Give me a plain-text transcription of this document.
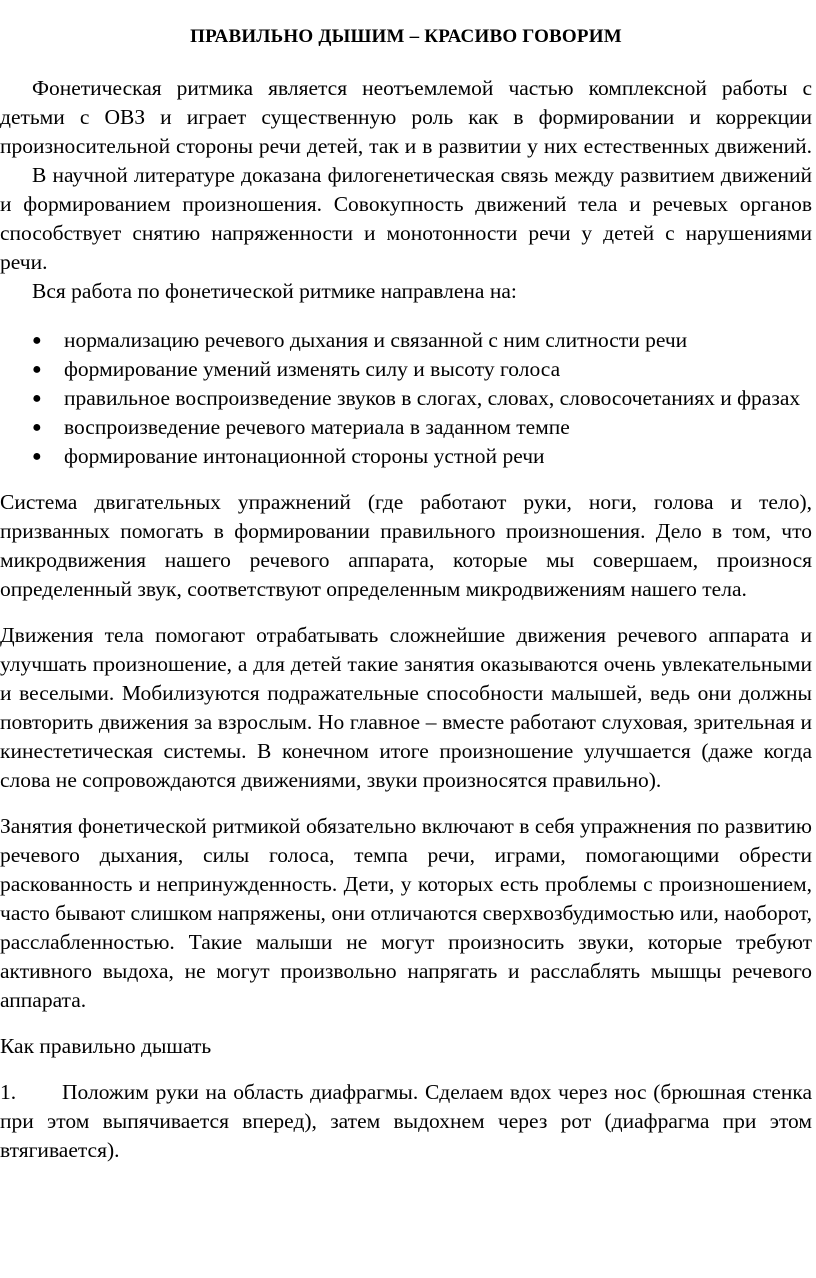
ПРАВИЛЬНО ДЫШИМ – КРАСИВО ГОВОРИМ

Фонетическая ритмика является неотъемлемой частью комплексной работы с детьми с ОВЗ и играет существенную роль как в формировании и коррекции произносительной стороны речи детей, так и в развитии у них естественных движений.

В научной литературе доказана филогенетическая связь между развитием движений и формированием произношения. Совокупность движений тела и речевых органов способствует снятию напряженности и монотонности речи у детей с нарушениями речи.

Вся работа по фонетической ритмике направлена на:

● нормализацию речевого дыхания и связанной с ним слитности речи
● формирование умений изменять силу и высоту голоса
● правильное воспроизведение звуков в слогах, словах, словосочетаниях и фразах
● воспроизведение речевого материала в заданном темпе
● формирование интонационной стороны устной речи

Система двигательных упражнений (где работают руки, ноги, голова и тело), призванных помогать в формировании правильного произношения. Дело в том, что микродвижения нашего речевого аппарата, которые мы совершаем, произнося определенный звук, соответствуют определенным микродвижениям нашего тела.

Движения тела помогают отрабатывать сложнейшие движения речевого аппарата и улучшать произношение, а для детей такие занятия оказываются очень увлекательными и веселыми. Мобилизуются подражательные способности малышей, ведь они должны повторить движения за взрослым. Но главное – вместе работают слуховая, зрительная и кинестетическая системы. В конечном итоге произношение улучшается (даже когда слова не сопровождаются движениями, звуки произносятся правильно).

Занятия фонетической ритмикой обязательно включают в себя упражнения по развитию речевого дыхания, силы голоса, темпа речи, играми, помогающими обрести раскованность и непринужденность. Дети, у которых есть проблемы с произношением, часто бывают слишком напряжены, они отличаются сверхвозбудимостью или, наоборот, расслабленностью. Такие малыши не могут произносить звуки, которые требуют активного выдоха, не могут произвольно напрягать и расслаблять мышцы речевого аппарата.

Как правильно дышать

1. Положим руки на область диафрагмы. Сделаем вдох через нос (брюшная стенка при этом выпячивается вперед), затем выдохнем через рот (диафрагма при этом втягивается).
